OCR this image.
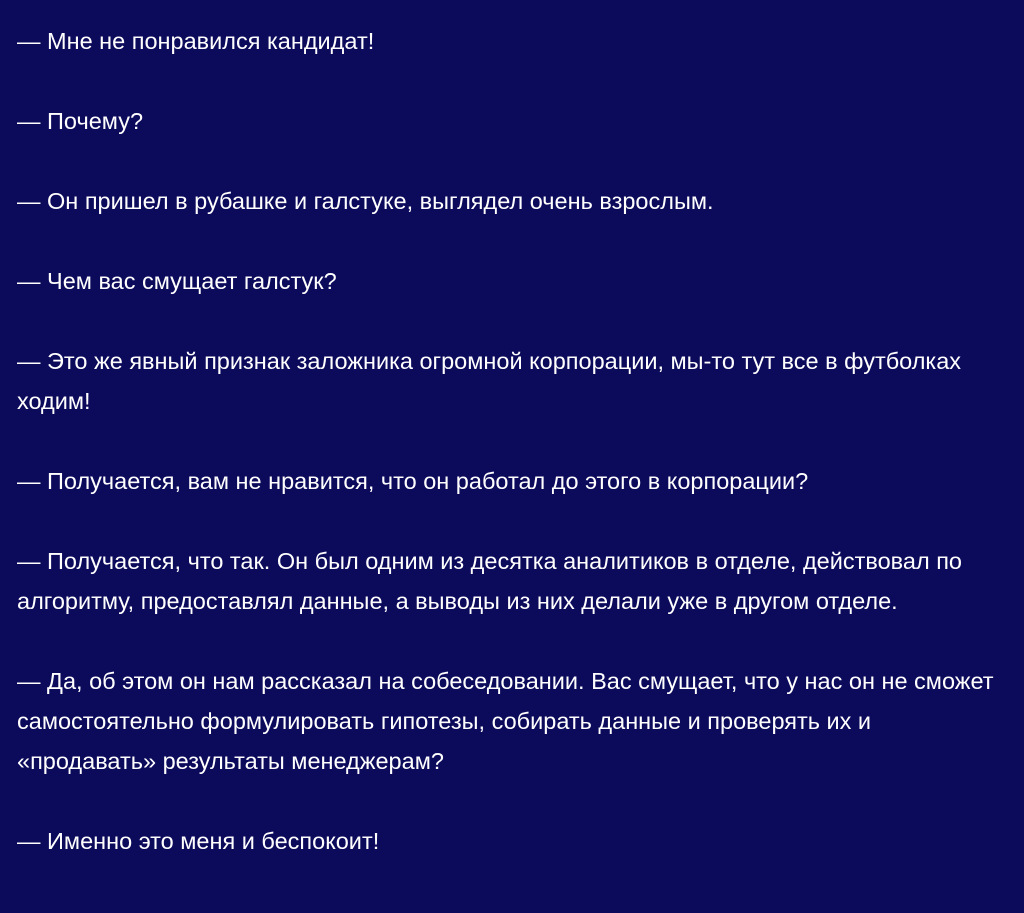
— Мне не понравился кандидат!

— Почему?

— Он пришел в рубашке и галстуке, выглядел очень взрослым.

— Чем вас смущает галстук?

— Это же явный признак заложника огромной корпорации, мы-то тут все в футболках ходим!

— Получается, вам не нравится, что он работал до этого в корпорации?

— Получается, что так. Он был одним из десятка аналитиков в отделе, действовал по алгоритму, предоставлял данные, а выводы из них делали уже в другом отделе.

— Да, об этом он нам рассказал на собеседовании. Вас смущает, что у нас он не сможет самостоятельно формулировать гипотезы, собирать данные и проверять их и «продавать» результаты менеджерам?

— Именно это меня и беспокоит!
